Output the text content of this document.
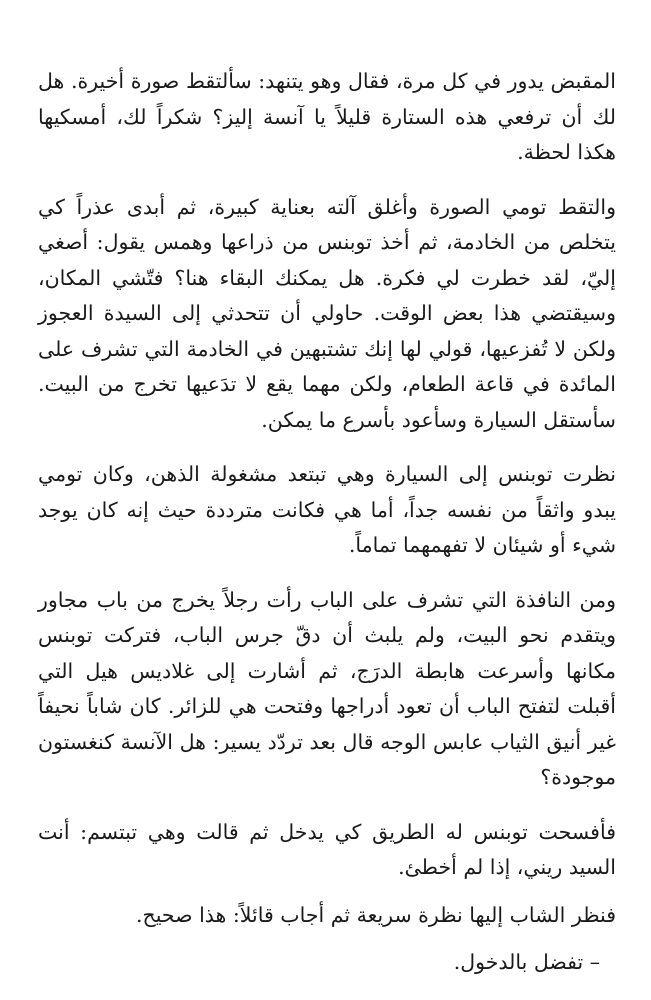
المقبض يدور في كل مرة، فقال وهو يتنهد: سألتقط صورة أخيرة. هل لك أن ترفعي هذه الستارة قليلاً يا آنسة إليز؟ شكراً لك، أمسكيها هكذا لحظة.

والتقط تومي الصورة وأغلق آلته بعناية كبيرة، ثم أبدى عذراً كي يتخلص من الخادمة، ثم أخذ توبنس من ذراعها وهمس يقول: أصغي إليّ، لقد خطرت لي فكرة. هل يمكنك البقاء هنا؟ فتّشي المكان، وسيقتضي هذا بعض الوقت. حاولي أن تتحدثي إلى السيدة العجوز ولكن لا تُفزعيها، قولي لها إنك تشتبهين في الخادمة التي تشرف على المائدة في قاعة الطعام، ولكن مهما يقع لا تدَعيها تخرج من البيت. سأستقل السيارة وسأعود بأسرع ما يمكن.

نظرت توبنس إلى السيارة وهي تبتعد مشغولة الذهن، وكان تومي يبدو واثقاً من نفسه جداً، أما هي فكانت مترددة حيث إنه كان يوجد شيء أو شيئان لا تفهمهما تماماً.

ومن النافذة التي تشرف على الباب رأت رجلاً يخرج من باب مجاور ويتقدم نحو البيت، ولم يلبث أن دقّ جرس الباب، فتركت توبنس مكانها وأسرعت هابطة الدرَج، ثم أشارت إلى غلاديس هيل التي أقبلت لتفتح الباب أن تعود أدراجها وفتحت هي للزائر. كان شاباً نحيفاً غير أنيق الثياب عابس الوجه قال بعد تردّد يسير: هل الآنسة كنغستون موجودة؟

فأفسحت توبنس له الطريق كي يدخل ثم قالت وهي تبتسم: أنت السيد ريني، إذا لم أخطئ.

فنظر الشاب إليها نظرة سريعة ثم أجاب قائلاً: هذا صحيح.

– تفضل بالدخول.
